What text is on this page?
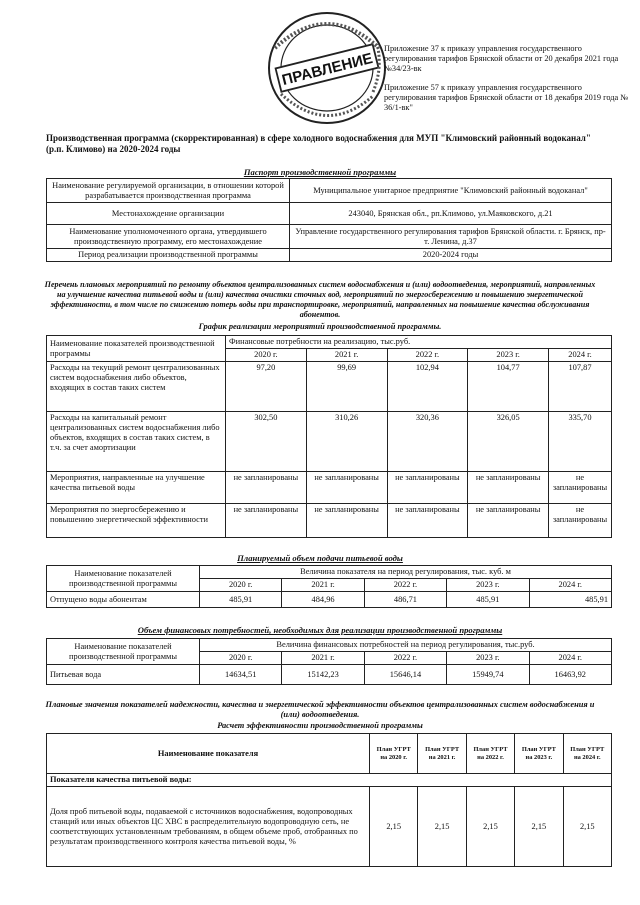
ПРАВЛЕНИЕ

Приложение 37 к приказу управления государственного регулирования тарифов Брянской области от 20 декабря 2021 года №34/23-вк

Приложение 57 к приказу управления государственного регулирования тарифов Брянской области от 18 декабря 2019 года № 36/1-вк"

Производственная программа (скорректированная) в сфере холодного водоснабжения для МУП "Климовский районный водоканал" (р.п. Климово) на 2020-2024 годы
Паспорт производственной программы
Наименование регулируемой организации, в отношении которой разрабатывается производственная программа	Муниципальное унитарное предприятие "Климовский районный водоканал"
Местонахождение организации	243040, Брянская обл., рп.Климово, ул.Маяковского, д.21
Наименование уполномоченного органа, утвердившего производственную программу, его местонахождение	Управление государственного регулирования тарифов Брянской области. г. Брянск, пр-т. Ленина, д.37
Период реализации производственной программы	2020-2024 годы
Перечень плановых мероприятий по ремонту объектов централизованных систем водоснабжения и (или) водоотведения, мероприятий, направленных на улучшение качества питьевой воды и (или) качества очистки сточных вод, мероприятий по энергосбережению и повышению энергетической эффективности, в том числе по снижению потерь воды при транспортировке, мероприятий, направленных на повышение качества обслуживания абонентов.
График реализации мероприятий производственной программы.
Наименование показателей производственной программы	Финансовые потребности на реализацию, тыс.руб.				
	2020 г.	2021 г.	2022 г.	2023 г.	2024 г.
Расходы на текущий ремонт централизованных систем водоснабжения либо объектов, входящих в состав таких систем	97,20	99,69	102,94	104,77	107,87
Расходы на капитальный ремонт централизованных систем водоснабжения либо объектов, входящих в состав таких систем, в т.ч. за счет амортизации	302,50	310,26	320,36	326,05	335,70
Мероприятия, направленные на улучшение качества питьевой воды	не запланированы	не запланированы	не запланированы	не запланированы	не запланированы
Мероприятия по энергосбережению и повышению энергетической эффективности	не запланированы	не запланированы	не запланированы	не запланированы	не запланированы
Планируемый объем подачи питьевой воды
Наименование показателей производственной программы	Величина показателя на период регулирования, тыс. куб. м				
	2020 г.	2021 г.	2022 г.	2023 г.	2024 г.
Отпущено воды абонентам	485,91	484,96	486,71	485,91	485,91
Объем финансовых потребностей, необходимых для реализации производственной программы
Наименование показателей производственной программы	Величина финансовых потребностей на период регулирования, тыс.руб.				
	2020 г.	2021 г.	2022 г.	2023 г.	2024 г.
Питьевая вода	14634,51	15142,23	15646,14	15949,74	16463,92
Плановые значения показателей надежности, качества и энергетической эффективности объектов централизованных систем водоснабжения и (или) водоотведения.
Расчет эффективности производственной программы
Наименование показателя	План УГРТ на 2020 г.	План УГРТ на 2021 г.	План УГРТ на 2022 г.	План УГРТ на 2023 г.	План УГРТ на 2024 г.
Показатели качества питьевой воды:					
Доля проб питьевой воды, подаваемой с источников водоснабжения, водопроводных станций или иных объектов ЦС ХВС в распределительную водопроводную сеть, не соответствующих установленным требованиям, в общем объеме проб, отобранных по результатам производственного контроля качества питьевой воды, %	2,15	2,15	2,15	2,15	2,15
